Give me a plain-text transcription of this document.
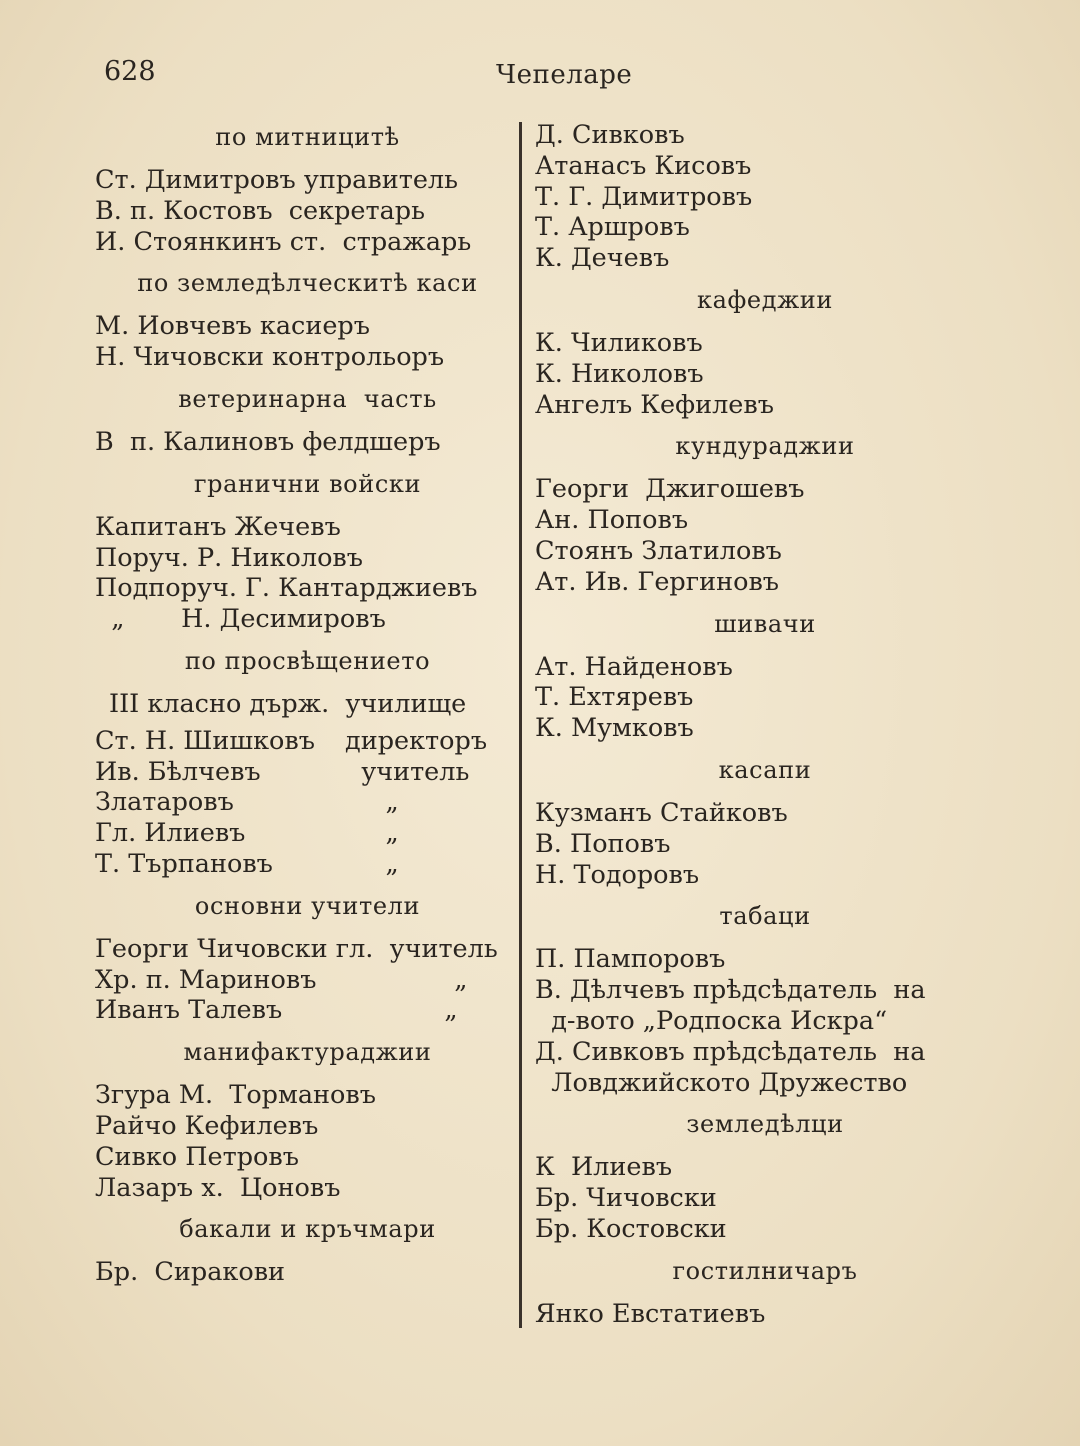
628	Чепеларе
по митницитѣ
Ст. Димитровъ управитель
В. п. Костовъ  секретарь
И. Стоянкинъ ст.  стражарь
по земледѣлческитѣ каси
М. Иовчевъ касиеръ
Н. Чичовски контрольоръ
ветеринарна  часть
В  п. Калиновъ фелдшеръ
гранични войски
Капитанъ Жечевъ
Поруч. Р. Николовъ
Подпоруч. Г. Кантарджиевъ
„       Н. Десимировъ
по просвѣщението
III класно държ.  училище
Ст. Н. Шишковъ	директоръ
Ив. Бѣлчевъ	учитель
Златаровъ	„
Гл. Илиевъ	„
Т. Търпановъ	„
основни учители
Георги Чичовски гл.  учитель
Хр. п. Мариновъ                 „
Иванъ Талевъ                    „
манифактураджии
Згура М.  Тормановъ
Райчо Кефилевъ
Сивко Петровъ
Лазаръ х.  Цоновъ
бакали и кръчмари
Бр.  Сиракови
Д. Сивковъ
Атанасъ Кисовъ
Т. Г. Димитровъ
Т. Аршровъ
К. Дечевъ
кафеджии
К. Чиликовъ
К. Николовъ
Ангелъ Кефилевъ
кундураджии
Георги  Джигошевъ
Ан. Поповъ
Стоянъ Златиловъ
Ат. Ив. Гергиновъ
шивачи
Ат. Найденовъ
Т. Ехтяревъ
К. Мумковъ
касапи
Кузманъ Стайковъ
В. Поповъ
Н. Тодоровъ
табаци
П. Пампоровъ
В. Дѣлчевъ прѣдсѣдатель  на
д-вото „Родпоска Искра“
Д. Сивковъ прѣдсѣдатель  на
Ловджийското Дружество
земледѣлци
К  Илиевъ
Бр. Чичовски
Бр. Костовски
гостилничаръ
Янко Евстатиевъ
